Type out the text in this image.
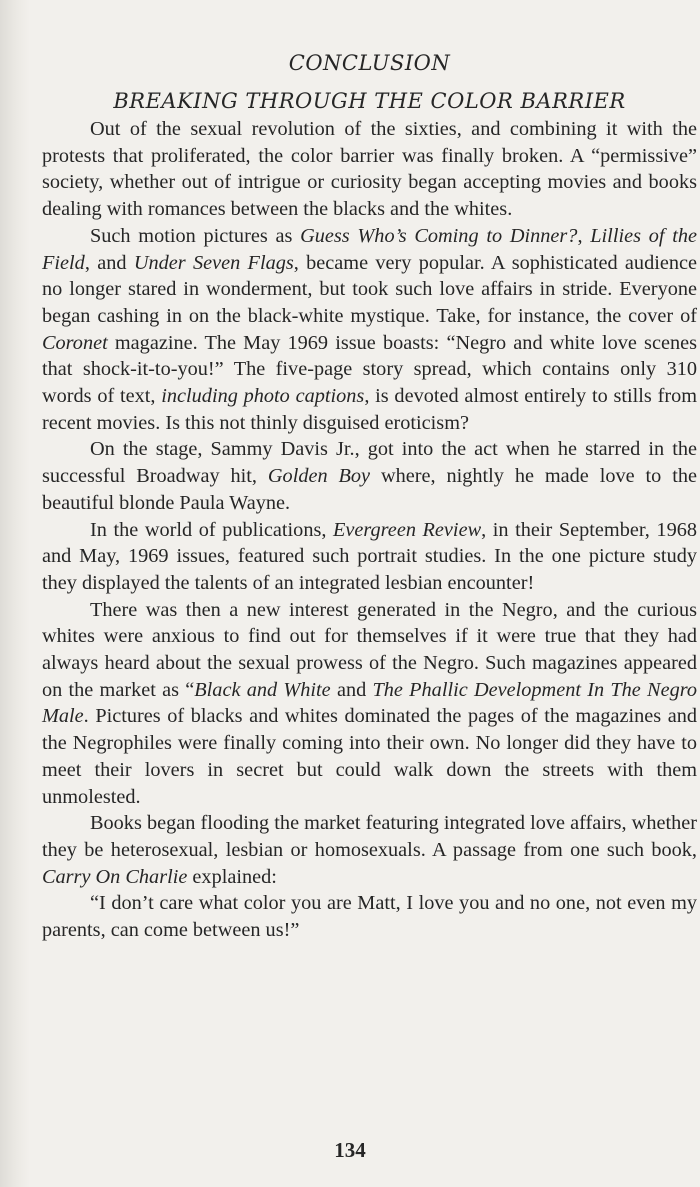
CONCLUSION
BREAKING THROUGH THE COLOR BARRIER

Out of the sexual revolution of the sixties, and combining it with the protests that proliferated, the color barrier was finally broken. A “permissive” society, whether out of intrigue or curiosity began accepting movies and books dealing with romances between the blacks and the whites.

Such motion pictures as Guess Who’s Coming to Dinner?, Lillies of the Field, and Under Seven Flags, became very popular. A sophisticated audience no longer stared in wonderment, but took such love affairs in stride. Everyone began cashing in on the black-white mystique. Take, for instance, the cover of Coronet magazine. The May 1969 issue boasts: “Negro and white love scenes that shock-it-to-you!” The five-page story spread, which contains only 310 words of text, including photo captions, is devoted almost entirely to stills from recent movies. Is this not thinly disguised eroticism?

On the stage, Sammy Davis Jr., got into the act when he starred in the successful Broadway hit, Golden Boy where, nightly he made love to the beautiful blonde Paula Wayne.

In the world of publications, Evergreen Review, in their September, 1968 and May, 1969 issues, featured such portrait studies. In the one picture study they displayed the talents of an integrated lesbian encounter!

There was then a new interest generated in the Negro, and the curious whites were anxious to find out for themselves if it were true that they had always heard about the sexual prowess of the Negro. Such magazines appeared on the market as “Black and White and The Phallic Development In The Negro Male. Pictures of blacks and whites dominated the pages of the magazines and the Negrophiles were finally coming into their own. No longer did they have to meet their lovers in secret but could walk down the streets with them unmolested.

Books began flooding the market featuring integrated love affairs, whether they be heterosexual, lesbian or homosexuals. A passage from one such book, Carry On Charlie explained:

“I don’t care what color you are Matt, I love you and no one, not even my parents, can come between us!”

134
